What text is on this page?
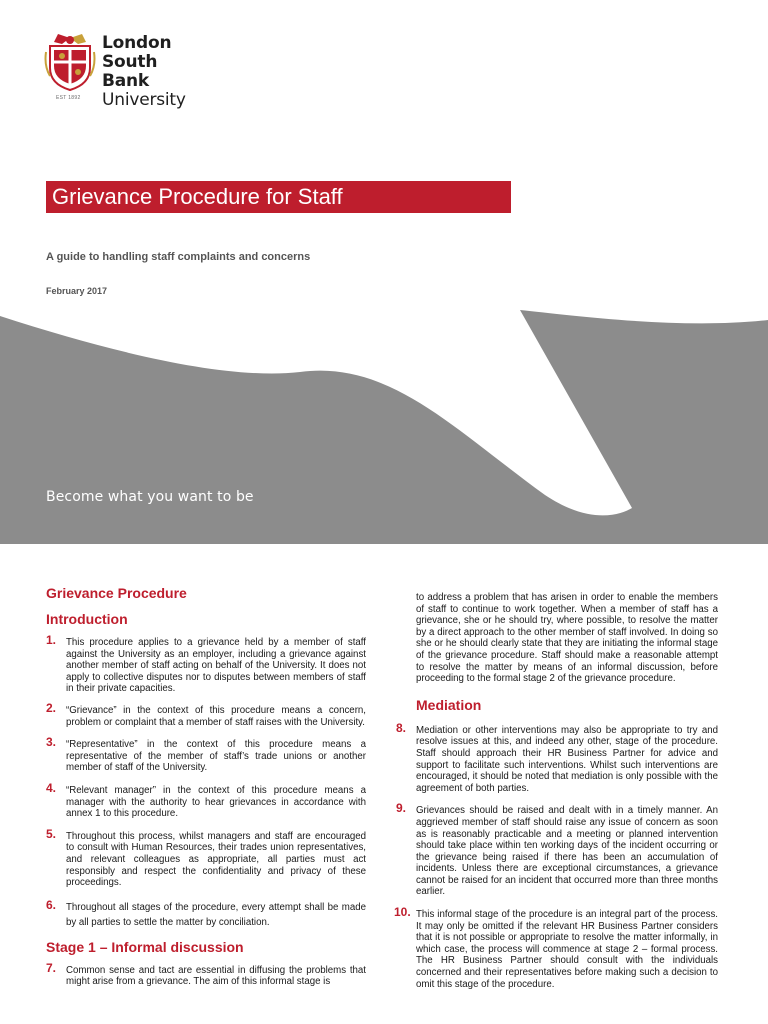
London
South Bank
University
EST 1892
Grievance Procedure for Staff
A guide to handling staff complaints and concerns
February 2017
Become what you want to be
Grievance Procedure
Introduction
1. This procedure applies to a grievance held by a member of staff against the University as an employer, including a grievance against another member of staff acting on behalf of the University. It does not apply to collective disputes nor to disputes between members of staff in their private capacities.
2. “Grievance” in the context of this procedure means a concern, problem or complaint that a member of staff raises with the University.
3. “Representative” in the context of this procedure means a representative of the member of staff’s trade unions or another member of staff of the University.
4. “Relevant manager” in the context of this procedure means a manager with the authority to hear grievances in accordance with annex 1 to this procedure.
5. Throughout this process, whilst managers and staff are encouraged to consult with Human Resources, their trades union representatives, and relevant colleagues as appropriate, all parties must act responsibly and respect the confidentiality and privacy of these proceedings.
6. Throughout all stages of the procedure, every attempt shall be made by all parties to settle the matter by conciliation.
Stage 1 – Informal discussion
7. Common sense and tact are essential in diffusing the problems that might arise from a grievance. The aim of this informal stage is
to address a problem that has arisen in order to enable the members of staff to continue to work together. When a member of staff has a grievance, she or he should try, where possible, to resolve the matter by a direct approach to the other member of staff involved. In doing so she or he should clearly state that they are initiating the informal stage of the grievance procedure. Staff should make a reasonable attempt to resolve the matter by means of an informal discussion, before proceeding to the formal stage 2 of the grievance procedure.
Mediation
8. Mediation or other interventions may also be appropriate to try and resolve issues at this, and indeed any other, stage of the procedure. Staff should approach their HR Business Partner for advice and support to facilitate such interventions. Whilst such interventions are encouraged, it should be noted that mediation is only possible with the agreement of both parties.
9. Grievances should be raised and dealt with in a timely manner. An aggrieved member of staff should raise any issue of concern as soon as is reasonably practicable and a meeting or planned intervention should take place within ten working days of the incident occurring or the grievance being raised if there has been an accumulation of incidents. Unless there are exceptional circumstances, a grievance cannot be raised for an incident that occurred more than three months earlier.
10. This informal stage of the procedure is an integral part of the process. It may only be omitted if the relevant HR Business Partner considers that it is not possible or appropriate to resolve the matter informally, in which case, the process will commence at stage 2 – formal process. The HR Business Partner should consult with the individuals concerned and their representatives before making such a decision to omit this stage of the procedure.
